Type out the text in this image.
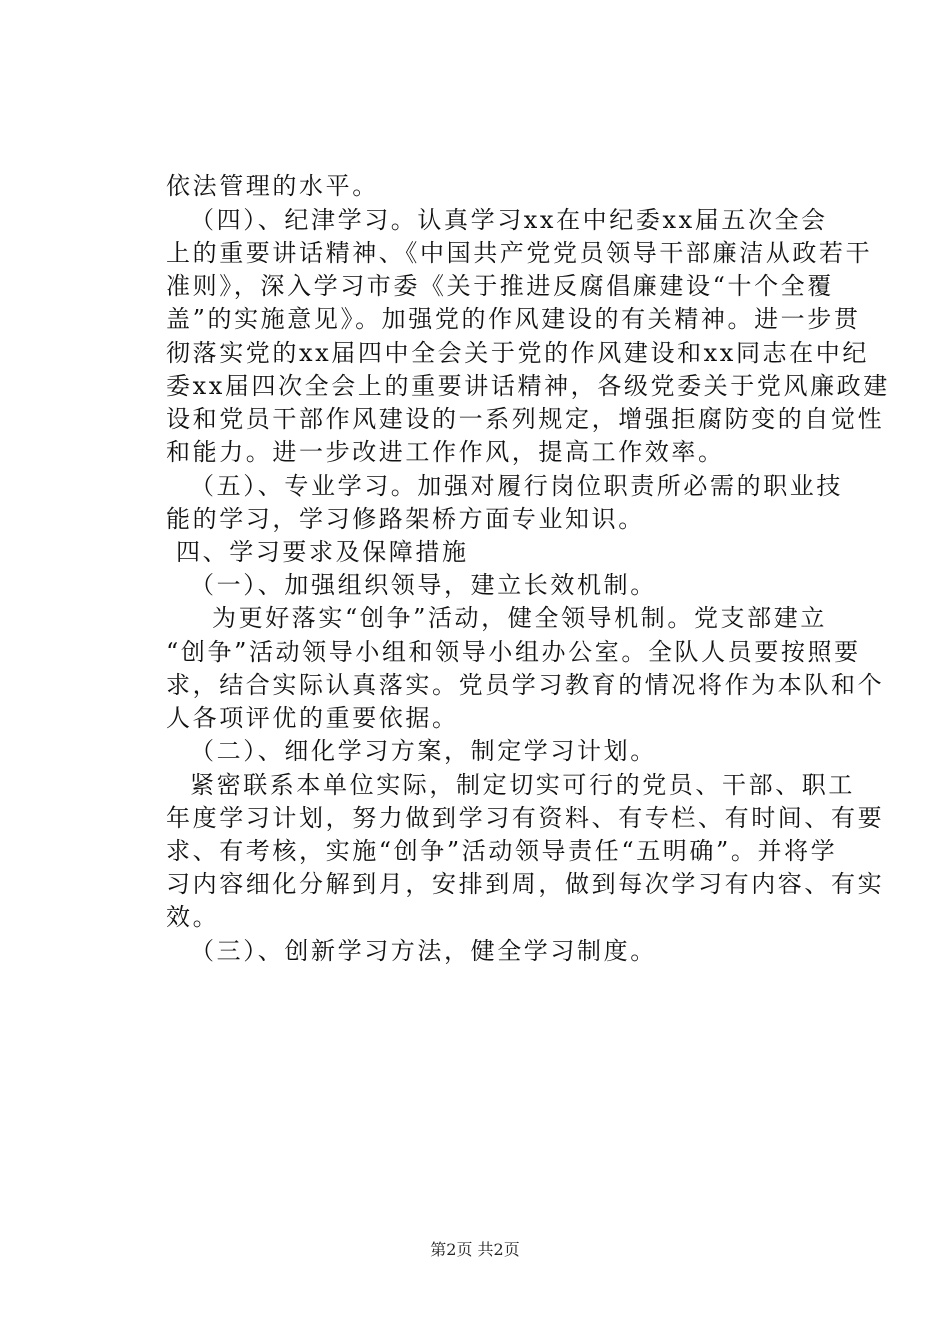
依法管理的水平。
（四）、纪津学习。认真学习xx在中纪委xx届五次全会
上的重要讲话精神、《中国共产党党员领导干部廉洁从政若干
准则》，深入学习市委《关于推进反腐倡廉建设“十个全覆
盖”的实施意见》。加强党的作风建设的有关精神。进一步贯
彻落实党的xx届四中全会关于党的作风建设和xx同志在中纪
委xx届四次全会上的重要讲话精神，各级党委关于党风廉政建
设和党员干部作风建设的一系列规定，增强拒腐防变的自觉性
和能力。进一步改进工作作风，提高工作效率。
（五）、专业学习。加强对履行岗位职责所必需的职业技
能的学习，学习修路架桥方面专业知识。
四、学习要求及保障措施
（一）、加强组织领导，建立长效机制。
为更好落实“创争”活动，健全领导机制。党支部建立
“创争”活动领导小组和领导小组办公室。全队人员要按照要
求，结合实际认真落实。党员学习教育的情况将作为本队和个
人各项评优的重要依据。
（二）、细化学习方案，制定学习计划。
紧密联系本单位实际，制定切实可行的党员、干部、职工
年度学习计划，努力做到学习有资料、有专栏、有时间、有要
求、有考核，实施“创争”活动领导责任“五明确”。并将学
习内容细化分解到月，安排到周，做到每次学习有内容、有实
效。
（三）、创新学习方法，健全学习制度。
第2页 共2页
